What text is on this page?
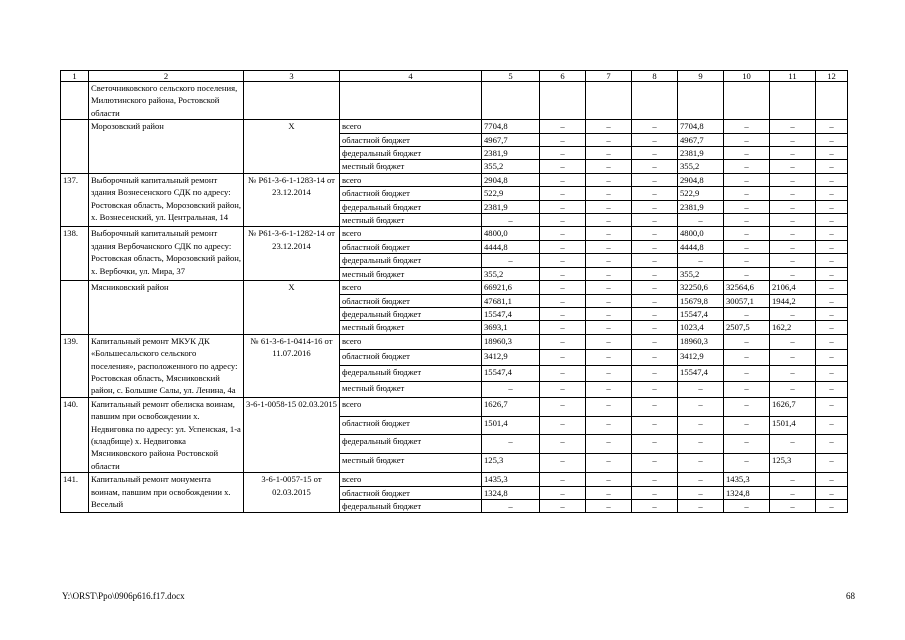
1	2	3	4	5	6	7	8	9	10	11	12
	Светочниковского сельского поселения, Милютинского района, Ростовской области										
	Морозовский район	Х	всего	7704,8	–	–	–	7704,8	–	–	–
			областной бюджет	4967,7	–	–	–	4967,7	–	–	–
			федеральный бюджет	2381,9	–	–	–	2381,9	–	–	–
			местный бюджет	355,2	–	–	–	355,2	–	–	–
137.	Выборочный капитальный ремонт здания Вознесенского СДК по адресу: Ростовская область, Морозовский район, х. Вознесенский, ул. Центральная, 14	№ Р61-3-6-1-1283-14 от 23.12.2014	всего	2904,8	–	–	–	2904,8	–	–	–
			областной бюджет	522,9	–	–	–	522,9	–	–	–
			федеральный бюджет	2381,9	–	–	–	2381,9	–	–	–
			местный бюджет	–	–	–	–	–	–	–	–
138.	Выборочный капитальный ремонт здания Вербочанского СДК по адресу: Ростовская область, Морозовский район, х. Вербочки, ул. Мира, 37	№ Р61-3-6-1-1282-14 от 23.12.2014	всего	4800,0	–	–	–	4800,0	–	–	–
			областной бюджет	4444,8	–	–	–	4444,8	–	–	–
			федеральный бюджет	–	–	–	–	–	–	–	–
			местный бюджет	355,2	–	–	–	355,2	–	–	–
	Мясниковский район	Х	всего	66921,6	–	–	–	32250,6	32564,6	2106,4	–
			областной бюджет	47681,1	–	–	–	15679,8	30057,1	1944,2	–
			федеральный бюджет	15547,4	–	–	–	15547,4	–	–	–
			местный бюджет	3693,1	–	–	–	1023,4	2507,5	162,2	–
139.	Капитальный ремонт МКУК ДК «Большесальского сельского поселения», расположенного по адресу: Ростовская область, Мясниковский район, с. Большие Салы, ул. Ленина, 4а	№ 61-3-6-1-0414-16 от 11.07.2016	всего	18960,3	–	–	–	18960,3	–	–	–
			областной бюджет	3412,9	–	–	–	3412,9	–	–	–
			федеральный бюджет	15547,4	–	–	–	15547,4	–	–	–
			местный бюджет	–	–	–	–	–	–	–	–
140.	Капитальный ремонт обелиска воинам, павшим при освобождении х. Недвиговка по адресу: ул. Успенская, 1-а (кладбище) х. Недвиговка Мясниковского района Ростовской области	3-6-1-0058-15 02.03.2015	всего	1626,7	–	–	–	–	–	1626,7	–
			областной бюджет	1501,4	–	–	–	–	–	1501,4	–
			федеральный бюджет	–	–	–	–	–	–	–	–
			местный бюджет	125,3	–	–	–	–	–	125,3	–
141.	Капитальный ремонт монумента воинам, павшим при освобождении х. Веселый	3-6-1-0057-15 от 02.03.2015	всего	1435,3	–	–	–	–	1435,3	–	–
			областной бюджет	1324,8	–	–	–	–	1324,8	–	–
			федеральный бюджет	–	–	–	–	–	–	–	–
Y:\ORST\Ppo\0906p616.f17.docx	68
